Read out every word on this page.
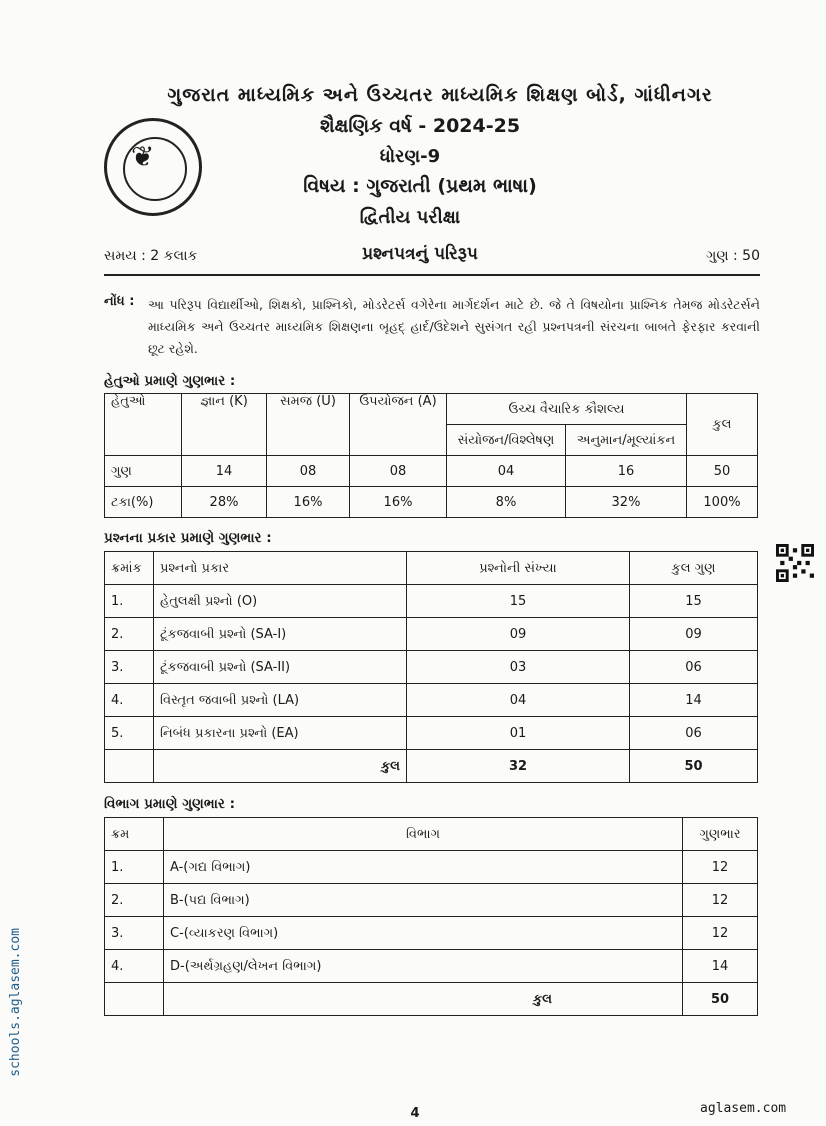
ગુજરાત માધ્યમિક અને ઉચ્ચતર માધ્યમિક શિક્ષણ બોર્ડ, ગાંધીનગર
શૈક્ષણિક વર્ષ - 2024-25
ધોરણ-9
વિષય : ગુજરાતી (પ્રથમ ભાષા)
દ્વિતીય પરીક્ષા
❦
સમય : 2 કલાક	પ્રશ્નપત્રનું પરિરૂપ	ગુણ : 50
નોંધ : આ પરિરૂપ વિદ્યાર્થીઓ, શિક્ષકો, પ્રાશ્નિકો, મોડરેટર્સ વગેરેના માર્ગદર્શન માટે છે. જે તે વિષયોના પ્રાશ્નિક તેમજ મોડરેટર્સને માધ્યમિક અને ઉચ્ચતર માધ્યમિક શિક્ષણના બૃહદ્ હાર્દ/ઉદેશને સુસંગત રહી પ્રશ્નપત્રની સંરચના બાબતે ફેરફાર કરવાની છૂટ રહેશે.
હેતુઓ પ્રમાણે ગુણભાર :
હેતુઓ	જ્ઞાન (K)	સમજ (U)	ઉપયોજન (A)	ઉચ્ચ વૈચારિક કૌશલ્ય		કુલ
				સંયોજન/વિશ્લેષણ	અનુમાન/મૂલ્યાંકન	
ગુણ	14	08	08	04	16	50
ટકા(%)	28%	16%	16%	8%	32%	100%
પ્રશ્નના પ્રકાર પ્રમાણે ગુણભાર :
ક્રમાંક	પ્રશ્નનો પ્રકાર	પ્રશ્નોની સંખ્યા	કુલ ગુણ
1.	હેતુલક્ષી પ્રશ્નો (O)	15	15
2.	ટૂંકજવાબી પ્રશ્નો (SA-I)	09	09
3.	ટૂંકજવાબી પ્રશ્નો (SA-II)	03	06
4.	વિસ્તૃત જવાબી પ્રશ્નો (LA)	04	14
5.	નિબંધ પ્રકારના પ્રશ્નો (EA)	01	06
	કુલ	32	50
વિભાગ પ્રમાણે ગુણભાર :
ક્રમ	વિભાગ	ગુણભાર
1.	A-(ગદ્ય વિભાગ)	12
2.	B-(પદ્ય વિભાગ)	12
3.	C-(વ્યાકરણ વિભાગ)	12
4.	D-(અર્થગ્રહણ/લેખન વિભાગ)	14
	કુલ	50
schools.aglasem.com
4	aglasem.com
